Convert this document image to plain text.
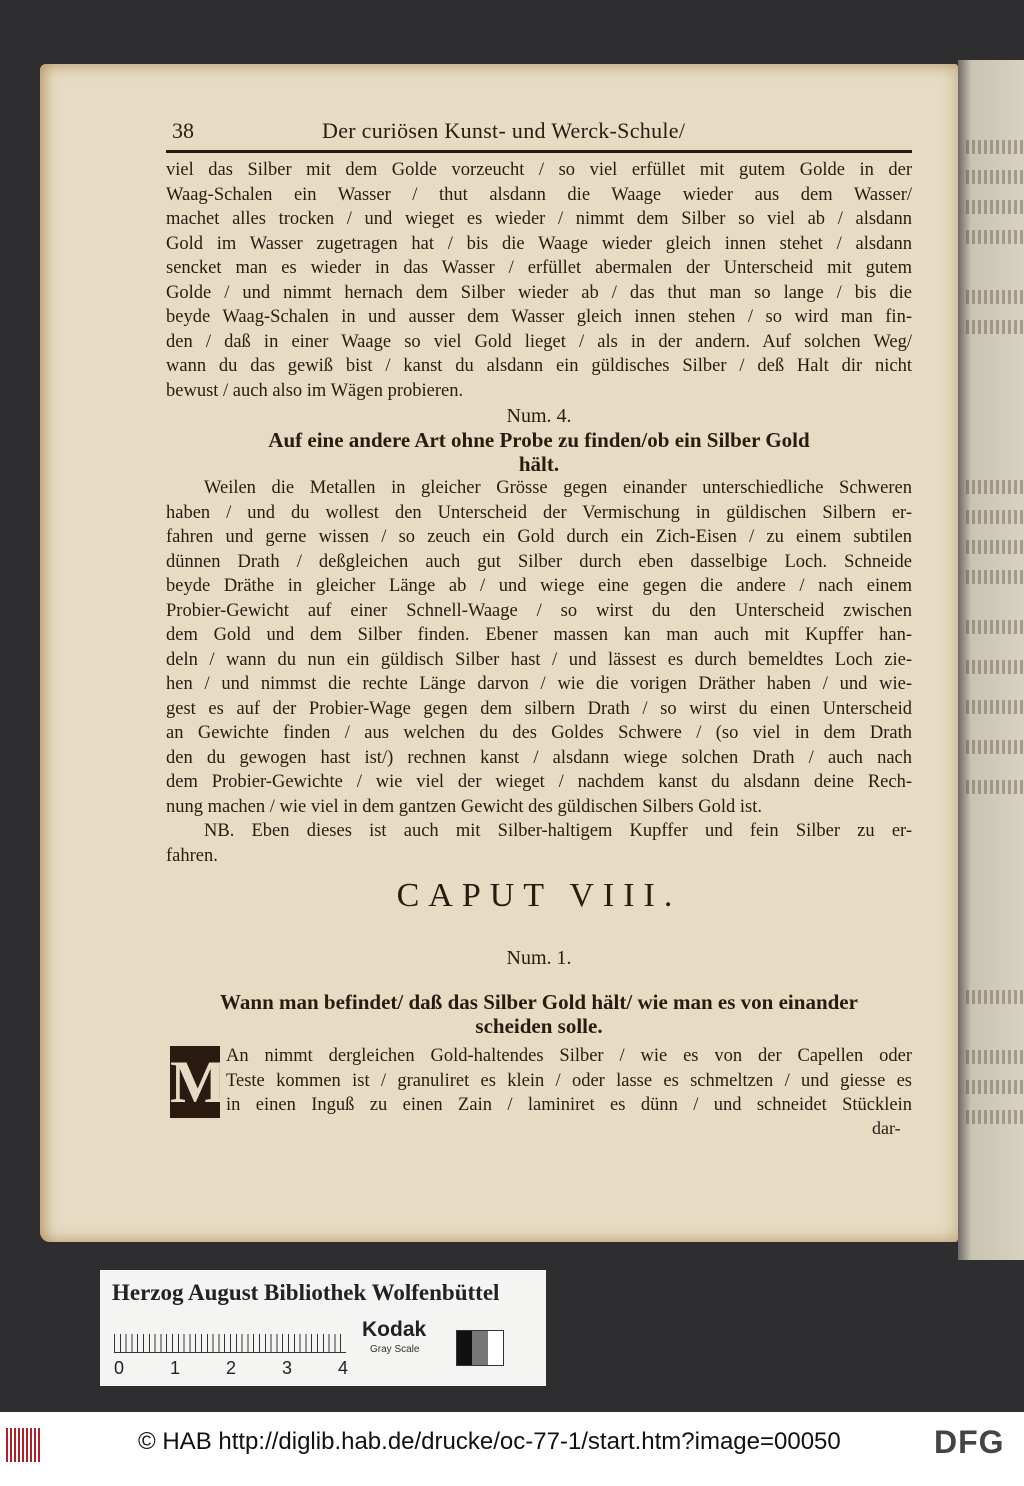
38	Der curiösen Kunst- und Werck-Schule/
viel das Silber mit dem Golde vorzeucht / so viel erfüllet mit gutem Golde in der
Waag-Schalen ein Wasser / thut alsdann die Waage wieder aus dem Wasser/
machet alles trocken / und wieget es wieder / nimmt dem Silber so viel ab / alsdann
Gold im Wasser zugetragen hat / bis die Waage wieder gleich innen stehet / alsdann
sencket man es wieder in das Wasser / erfüllet abermalen der Unterscheid mit gutem
Golde / und nimmt hernach dem Silber wieder ab / das thut man so lange / bis die
beyde Waag-Schalen in und ausser dem Wasser gleich innen stehen / so wird man fin-
den / daß in einer Waage so viel Gold lieget / als in der andern. Auf solchen Weg/
wann du das gewiß bist / kanst du alsdann ein güldisches Silber / deß Halt dir nicht
bewust / auch also im Wägen probieren.
Num. 4.
Auf eine andere Art ohne Probe zu finden/ob ein Silber Gold
hält.
Weilen die Metallen in gleicher Grösse gegen einander unterschiedliche Schweren
haben / und du wollest den Unterscheid der Vermischung in güldischen Silbern er-
fahren und gerne wissen / so zeuch ein Gold durch ein Zich-Eisen / zu einem subtilen
dünnen Drath / deßgleichen auch gut Silber durch eben dasselbige Loch. Schneide
beyde Dräthe in gleicher Länge ab / und wiege eine gegen die andere / nach einem
Probier-Gewicht auf einer Schnell-Waage / so wirst du den Unterscheid zwischen
dem Gold und dem Silber finden. Ebener massen kan man auch mit Kupffer han-
deln / wann du nun ein güldisch Silber hast / und lässest es durch bemeldtes Loch zie-
hen / und nimmst die rechte Länge darvon / wie die vorigen Dräther haben / und wie-
gest es auf der Probier-Wage gegen dem silbern Drath / so wirst du einen Unterscheid
an Gewichte finden / aus welchen du des Goldes Schwere / (so viel in dem Drath
den du gewogen hast ist/) rechnen kanst / alsdann wiege solchen Drath / auch nach
dem Probier-Gewichte / wie viel der wieget / nachdem kanst du alsdann deine Rech-
nung machen / wie viel in dem gantzen Gewicht des güldischen Silbers Gold ist.
NB. Eben dieses ist auch mit Silber-haltigem Kupffer und fein Silber zu er-
fahren.
CAPUT VIII.
Num. 1.
Wann man befindet/ daß das Silber Gold hält/ wie man es von einander
scheiden solle.
M An nimmt dergleichen Gold-haltendes Silber / wie es von der Capellen oder
Teste kommen ist / granuliret es klein / oder lasse es schmeltzen / und giesse es
in einen Inguß zu einen Zain / laminiret es dünn / und schneidet Stücklein
dar-
Herzog August Bibliothek Wolfenbüttel
0	1	2	3	4
Kodak
Gray Scale
© HAB http://diglib.hab.de/drucke/oc-77-1/start.htm?image=00050	DFG
